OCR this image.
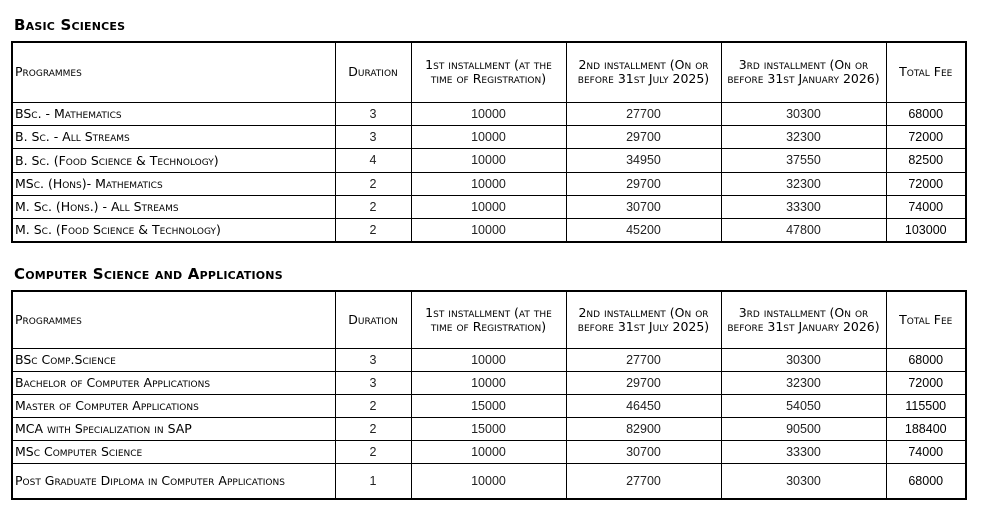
Basic Sciences
Programmes	Duration	1st installment (at the time of Registration)	2nd installment (On or before 31st July 2025)	3rd installment (On or before 31st January 2026)	Total Fee
BSc. - Mathematics	3	10000	27700	30300	68000
B. Sc. - All Streams	3	10000	29700	32300	72000
B. Sc. (Food Science & Technology)	4	10000	34950	37550	82500
MSc. (Hons)- Mathematics	2	10000	29700	32300	72000
M. Sc. (Hons.) - All Streams	2	10000	30700	33300	74000
M. Sc. (Food Science & Technology)	2	10000	45200	47800	103000
Computer Science and Applications
Programmes	Duration	1st installment (at the time of Registration)	2nd installment (On or before 31st July 2025)	3rd installment (On or before 31st January 2026)	Total Fee
BSc Comp.Science	3	10000	27700	30300	68000
Bachelor of Computer Applications	3	10000	29700	32300	72000
Master of Computer Applications	2	15000	46450	54050	115500
MCA with Specialization in SAP	2	15000	82900	90500	188400
MSc Computer Science	2	10000	30700	33300	74000
Post Graduate Diploma in Computer Applications	1	10000	27700	30300	68000
